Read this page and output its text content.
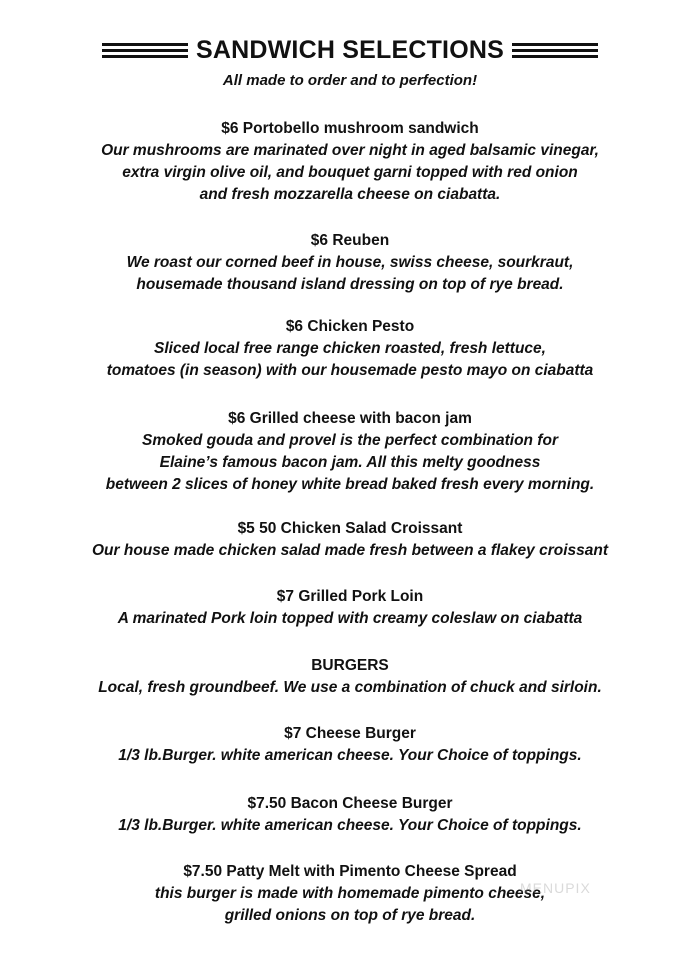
SANDWICH SELECTIONS
All made to order and to perfection!
$6 Portobello mushroom sandwich
Our mushrooms are marinated over night in aged balsamic vinegar,
extra virgin olive oil, and bouquet garni topped with red onion
and fresh mozzarella cheese on ciabatta.
$6 Reuben
We roast our corned beef in house, swiss cheese, sourkraut,
housemade thousand island dressing on top of rye bread.
$6 Chicken Pesto
Sliced local free range chicken roasted, fresh lettuce,
tomatoes (in season) with our housemade pesto mayo on ciabatta
$6 Grilled cheese with bacon jam
Smoked gouda and provel is the perfect combination for
Elaine’s famous bacon jam. All this melty goodness
between 2 slices of honey white bread baked fresh every morning.
$5 50 Chicken Salad Croissant
Our house made chicken salad made fresh between a flakey croissant
$7 Grilled Pork Loin
A marinated Pork loin topped with creamy coleslaw on ciabatta
BURGERS
Local, fresh groundbeef. We use a combination of chuck and sirloin.
$7 Cheese Burger
1/3 lb.Burger. white american cheese. Your Choice of toppings.
$7.50 Bacon Cheese Burger
1/3 lb.Burger. white american cheese. Your Choice of toppings.
$7.50 Patty Melt with Pimento Cheese Spread
this burger is made with homemade pimento cheese,
grilled onions on top of rye bread.
MENUPIX
